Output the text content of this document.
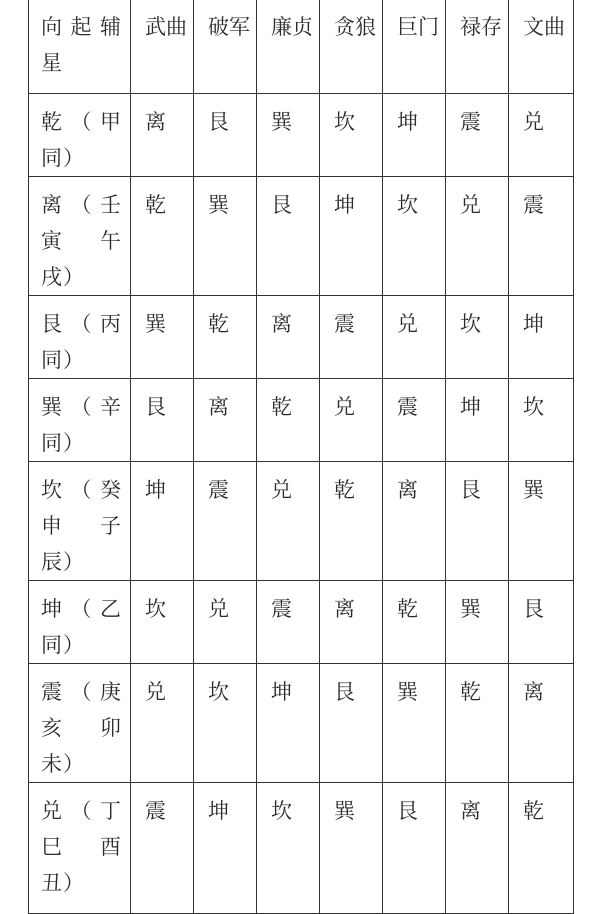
向起辅星	武曲	破军	廉贞	贪狼	巨门	禄存	文曲
乾（甲同）	离	艮	巽	坎	坤	震	兑
离（壬寅 午戌）	乾	巽	艮	坤	坎	兑	震
艮（丙同）	巽	乾	离	震	兑	坎	坤
巽（辛同）	艮	离	乾	兑	震	坤	坎
坎（癸申 子辰）	坤	震	兑	乾	离	艮	巽
坤（乙同）	坎	兑	震	离	乾	巽	艮
震（庚亥 卯未）	兑	坎	坤	艮	巽	乾	离
兑（丁巳 酉丑）	震	坤	坎	巽	艮	离	乾
